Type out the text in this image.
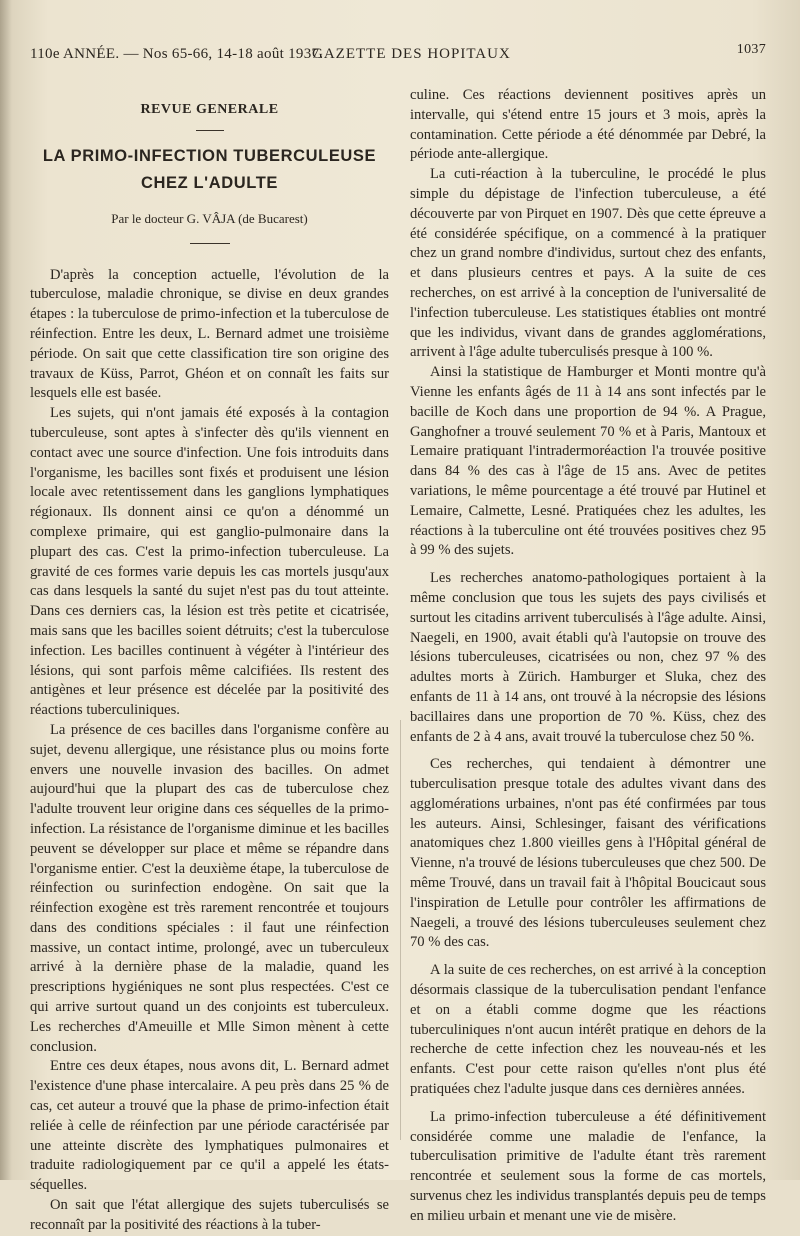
110e ANNÉE. — Nos 65-66, 14-18 août 1937.
GAZETTE DES HOPITAUX	1037
REVUE GENERALE
LA PRIMO-INFECTION TUBERCULEUSE
CHEZ L'ADULTE
Par le docteur G. VÂJA (de Bucarest)

D'après la conception actuelle, l'évolution de la tuberculose, maladie chronique, se divise en deux grandes étapes : la tuberculose de primo-infection et la tuberculose de réinfection. Entre les deux, L. Bernard admet une troisième période. On sait que cette classification tire son origine des travaux de Küss, Parrot, Ghéon et on connaît les faits sur lesquels elle est basée.

Les sujets, qui n'ont jamais été exposés à la contagion tuberculeuse, sont aptes à s'infecter dès qu'ils viennent en contact avec une source d'infection. Une fois introduits dans l'organisme, les bacilles sont fixés et produisent une lésion locale avec retentissement dans les ganglions lymphatiques régionaux. Ils donnent ainsi ce qu'on a dénommé un complexe primaire, qui est ganglio-pulmonaire dans la plupart des cas. C'est la primo-infection tuberculeuse. La gravité de ces formes varie depuis les cas mortels jusqu'aux cas dans lesquels la santé du sujet n'est pas du tout atteinte. Dans ces derniers cas, la lésion est très petite et cicatrisée, mais sans que les bacilles soient détruits; c'est la tuberculose infection. Les bacilles continuent à végéter à l'intérieur des lésions, qui sont parfois même calcifiées. Ils restent des antigènes et leur présence est décelée par la positivité des réactions tuberculiniques.

La présence de ces bacilles dans l'organisme confère au sujet, devenu allergique, une résistance plus ou moins forte envers une nouvelle invasion des bacilles. On admet aujourd'hui que la plupart des cas de tuberculose chez l'adulte trouvent leur origine dans ces séquelles de la primo-infection. La résistance de l'organisme diminue et les bacilles peuvent se développer sur place et même se répandre dans l'organisme entier. C'est la deuxième étape, la tuberculose de réinfection ou surinfection endogène. On sait que la réinfection exogène est très rarement rencontrée et toujours dans des conditions spéciales : il faut une réinfection massive, un contact intime, prolongé, avec un tuberculeux arrivé à la dernière phase de la maladie, quand les prescriptions hygiéniques ne sont plus respectées. C'est ce qui arrive surtout quand un des conjoints est tuberculeux. Les recherches d'Ameuille et Mlle Simon mènent à cette conclusion.

Entre ces deux étapes, nous avons dit, L. Bernard admet l'existence d'une phase intercalaire. A peu près dans 25 % de cas, cet auteur a trouvé que la phase de primo-infection était reliée à celle de réinfection par une période caractérisée par une atteinte discrète des lymphatiques pulmonaires et traduite radiologiquement par ce qu'il a appelé les états-séquelles.

On sait que l'état allergique des sujets tuberculisés se reconnaît par la positivité des réactions à la tuber-

culine. Ces réactions deviennent positives après un intervalle, qui s'étend entre 15 jours et 3 mois, après la contamination. Cette période a été dénommée par Debré, la période ante-allergique.

La cuti-réaction à la tuberculine, le procédé le plus simple du dépistage de l'infection tuberculeuse, a été découverte par von Pirquet en 1907. Dès que cette épreuve a été considérée spécifique, on a commencé à la pratiquer chez un grand nombre d'individus, surtout chez des enfants, et dans plusieurs centres et pays. A la suite de ces recherches, on est arrivé à la conception de l'universalité de l'infection tuberculeuse. Les statistiques établies ont montré que les individus, vivant dans de grandes agglomérations, arrivent à l'âge adulte tuberculisés presque à 100 %.

Ainsi la statistique de Hamburger et Monti montre qu'à Vienne les enfants âgés de 11 à 14 ans sont infectés par le bacille de Koch dans une proportion de 94 %. A Prague, Ganghofner a trouvé seulement 70 % et à Paris, Mantoux et Lemaire pratiquant l'intradermoréaction l'a trouvée positive dans 84 % des cas à l'âge de 15 ans. Avec de petites variations, le même pourcentage a été trouvé par Hutinel et Lemaire, Calmette, Lesné. Pratiquées chez les adultes, les réactions à la tuberculine ont été trouvées positives chez 95 à 99 % des sujets.

Les recherches anatomo-pathologiques portaient à la même conclusion que tous les sujets des pays civilisés et surtout les citadins arrivent tuberculisés à l'âge adulte. Ainsi, Naegeli, en 1900, avait établi qu'à l'autopsie on trouve des lésions tuberculeuses, cicatrisées ou non, chez 97 % des adultes morts à Zürich. Hamburger et Sluka, chez des enfants de 11 à 14 ans, ont trouvé à la nécropsie des lésions bacillaires dans une proportion de 70 %. Küss, chez des enfants de 2 à 4 ans, avait trouvé la tuberculose chez 50 %.

Ces recherches, qui tendaient à démontrer une tuberculisation presque totale des adultes vivant dans des agglomérations urbaines, n'ont pas été confirmées par tous les auteurs. Ainsi, Schlesinger, faisant des vérifications anatomiques chez 1.800 vieilles gens à l'Hôpital général de Vienne, n'a trouvé de lésions tuberculeuses que chez 500. De même Trouvé, dans un travail fait à l'hôpital Boucicaut sous l'inspiration de Letulle pour contrôler les affirmations de Naegeli, a trouvé des lésions tuberculeuses seulement chez 70 % des cas.

A la suite de ces recherches, on est arrivé à la conception désormais classique de la tuberculisation pendant l'enfance et on a établi comme dogme que les réactions tuberculiniques n'ont aucun intérêt pratique en dehors de la recherche de cette infection chez les nouveau-nés et les enfants. C'est pour cette raison qu'elles n'ont plus été pratiquées chez l'adulte jusque dans ces dernières années.

La primo-infection tuberculeuse a été définitivement considérée comme une maladie de l'enfance, la tuberculisation primitive de l'adulte étant très rarement rencontrée et seulement sous la forme de cas mortels, survenus chez les individus transplantés depuis peu de temps en milieu urbain et menant une vie de misère.
